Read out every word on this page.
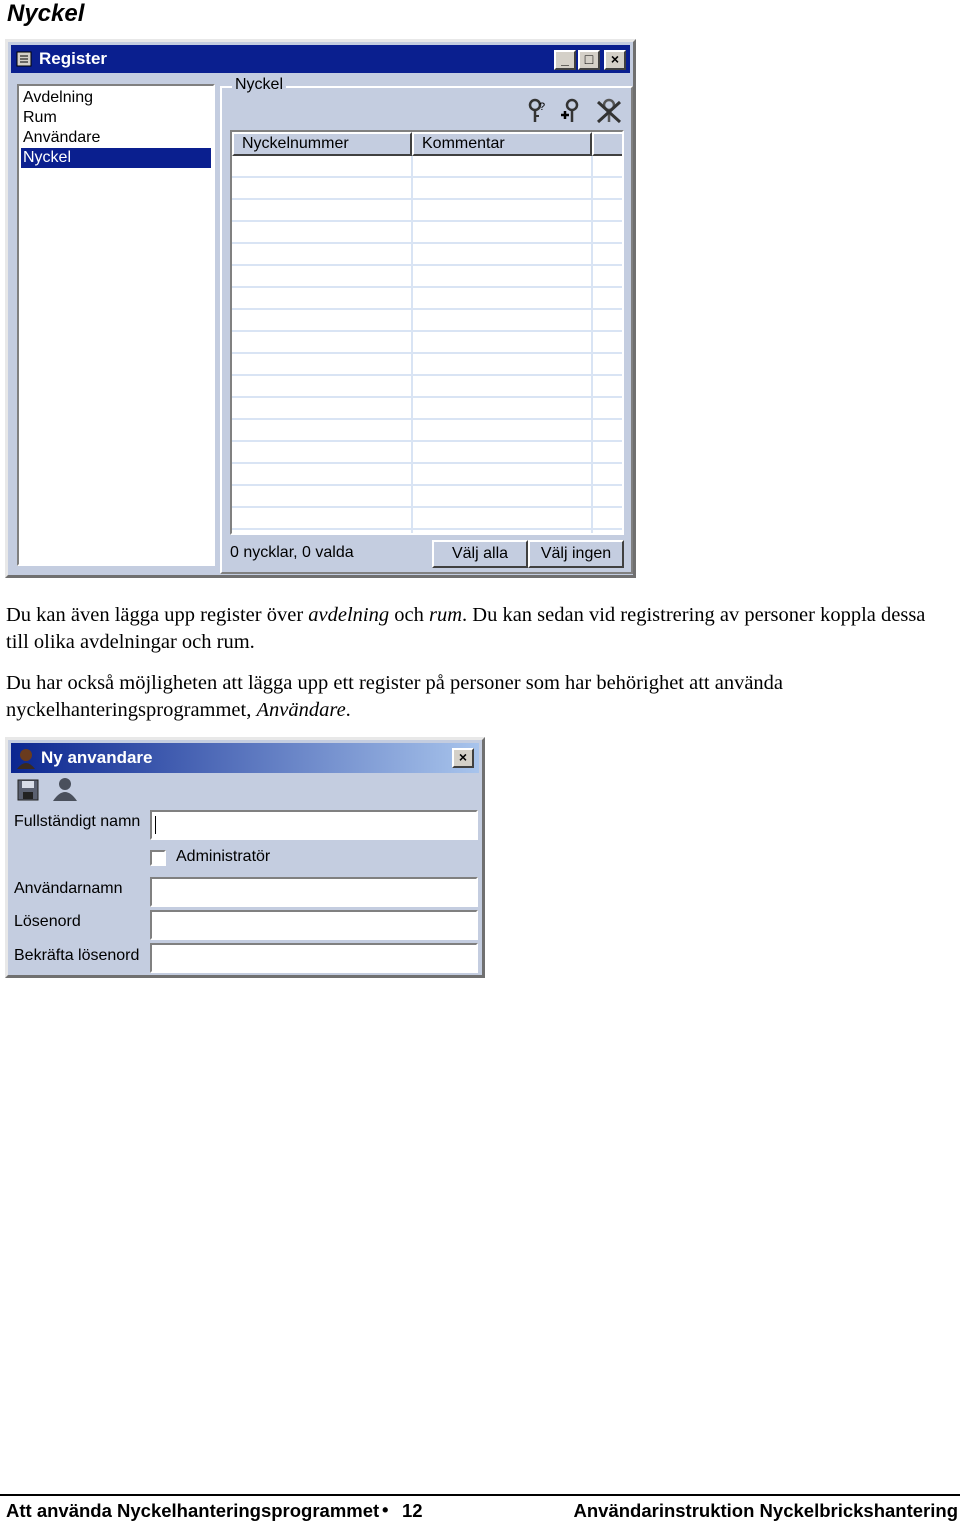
Nyckel
Register	_	□	×
Avdelning
Rum
Användare
Nyckel
Nyckel
?
Nyckelnummer	Kommentar
0 nycklar, 0 valda	Välj alla	Välj ingen
Du kan även lägga upp register över avdelning och rum. Du kan sedan vid registrering av personer koppla dessa till olika avdelningar och rum.
Du har också möjligheten att lägga upp ett register på personer som har behörighet att använda nyckelhanteringsprogrammet, Användare.
Ny anvandare	×
Fullständigt namn
Administratör
Användarnamn
Lösenord
Bekräfta lösenord
Att använda Nyckelhanteringsprogrammet • 12	Användarinstruktion Nyckelbrickshantering
